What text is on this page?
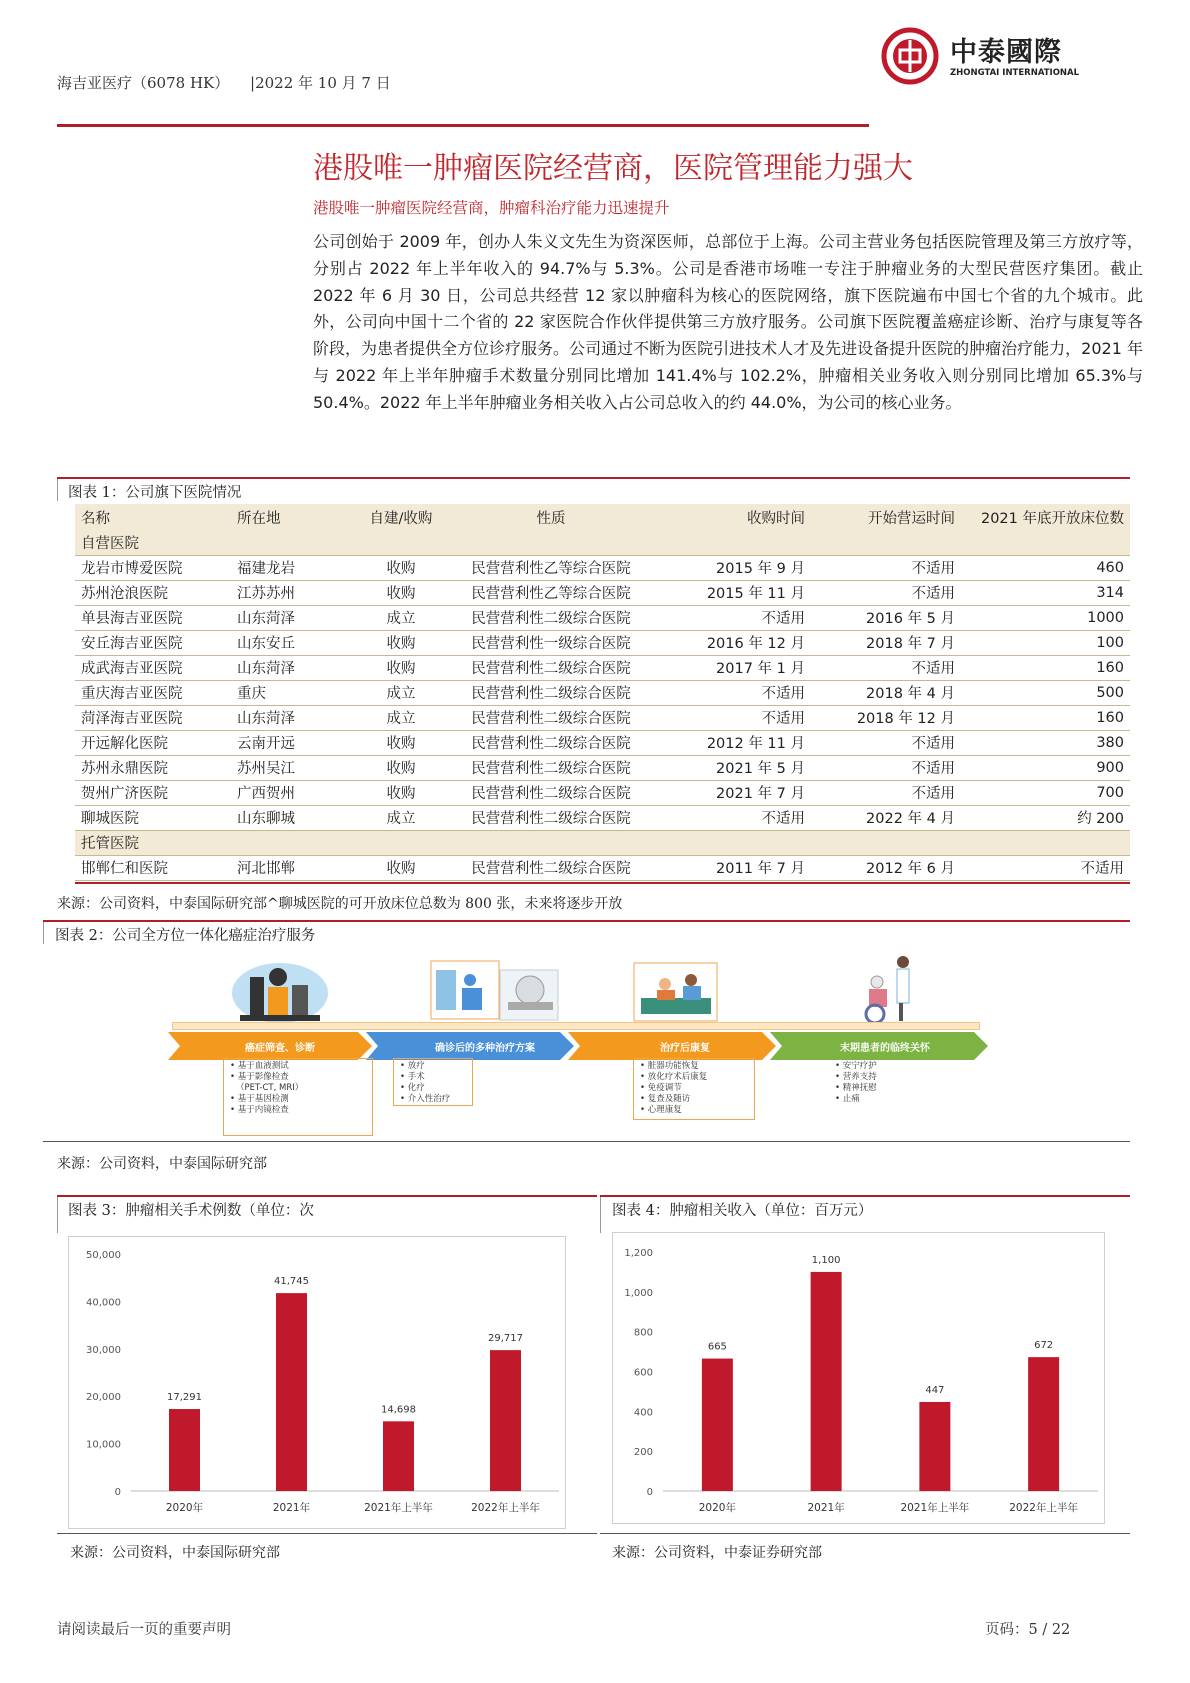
海吉亚医疗（6078 HK） |2022 年 10 月 7 日
中泰國際
ZHONGTAI INTERNATIONAL
港股唯一肿瘤医院经营商，医院管理能力强大
港股唯一肿瘤医院经营商，肿瘤科治疗能力迅速提升
公司创始于 2009 年，创办人朱义文先生为资深医师，总部位于上海。公司主营业务包括医院管理及第三方放疗等，分别占 2022 年上半年收入的 94.7%与 5.3%。公司是香港市场唯一专注于肿瘤业务的大型民营医疗集团。截止 2022 年 6 月 30 日，公司总共经营 12 家以肿瘤科为核心的医院网络，旗下医院遍布中国七个省的九个城市。此外，公司向中国十二个省的 22 家医院合作伙伴提供第三方放疗服务。公司旗下医院覆盖癌症诊断、治疗与康复等各阶段，为患者提供全方位诊疗服务。公司通过不断为医院引进技术人才及先进设备提升医院的肿瘤治疗能力，2021 年与 2022 年上半年肿瘤手术数量分别同比增加 141.4%与 102.2%，肿瘤相关业务收入则分别同比增加 65.3%与 50.4%。2022 年上半年肿瘤业务相关收入占公司总收入的约 44.0%，为公司的核心业务。
图表 1：公司旗下医院情况
名称	所在地	自建/收购	性质	收购时间	开始营运时间	2021 年底开放床位数
自营医院						
龙岩市博爱医院	福建龙岩	收购	民营营利性乙等综合医院	2015 年 9 月	不适用	460
苏州沧浪医院	江苏苏州	收购	民营营利性乙等综合医院	2015 年 11 月	不适用	314
单县海吉亚医院	山东菏泽	成立	民营营利性二级综合医院	不适用	2016 年 5 月	1000
安丘海吉亚医院	山东安丘	收购	民营营利性一级综合医院	2016 年 12 月	2018 年 7 月	100
成武海吉亚医院	山东菏泽	收购	民营营利性二级综合医院	2017 年 1 月	不适用	160
重庆海吉亚医院	重庆	成立	民营营利性二级综合医院	不适用	2018 年 4 月	500
菏泽海吉亚医院	山东菏泽	成立	民营营利性二级综合医院	不适用	2018 年 12 月	160
开远解化医院	云南开远	收购	民营营利性二级综合医院	2012 年 11 月	不适用	380
苏州永鼎医院	苏州吴江	收购	民营营利性二级综合医院	2021 年 5 月	不适用	900
贺州广济医院	广西贺州	收购	民营营利性二级综合医院	2021 年 7 月	不适用	700
聊城医院	山东聊城	成立	民营营利性二级综合医院	不适用	2022 年 4 月	约 200
托管医院						
邯郸仁和医院	河北邯郸	收购	民营营利性二级综合医院	2011 年 7 月	2012 年 6 月	不适用
来源：公司资料，中泰国际研究部^聊城医院的可开放床位总数为 800 张，未来将逐步开放
图表 2：公司全方位一体化癌症治疗服务
癌症筛查、诊断	确诊后的多种治疗方案	治疗后康复	末期患者的临终关怀
• 基于血液测试
• 基于影像检查
（PET-CT, MRI）
• 基于基因检测
• 基于内镜检查
• 放疗
• 手术
• 化疗
• 介入性治疗
• 脏器功能恢复
• 放化疗术后康复
• 免疫调节
• 复查及随访
• 心理康复
• 安宁疗护
• 营养支持
• 精神抚慰
• 止痛
来源：公司资料，中泰国际研究部
图表 3：肿瘤相关手术例数（单位：次
0
10,000
20,000
30,000
40,000
50,000
17,291
2020年
41,745
2021年
14,698
2021年上半年
29,717
2022年上半年
来源：公司资料，中泰国际研究部
图表 4：肿瘤相关收入（单位：百万元）
0
200
400
600
800
1,000
1,200
665
2020年
1,100
2021年
447
2021年上半年
672
2022年上半年
来源：公司资料，中泰证券研究部
请阅读最后一页的重要声明	页码：5 / 22
